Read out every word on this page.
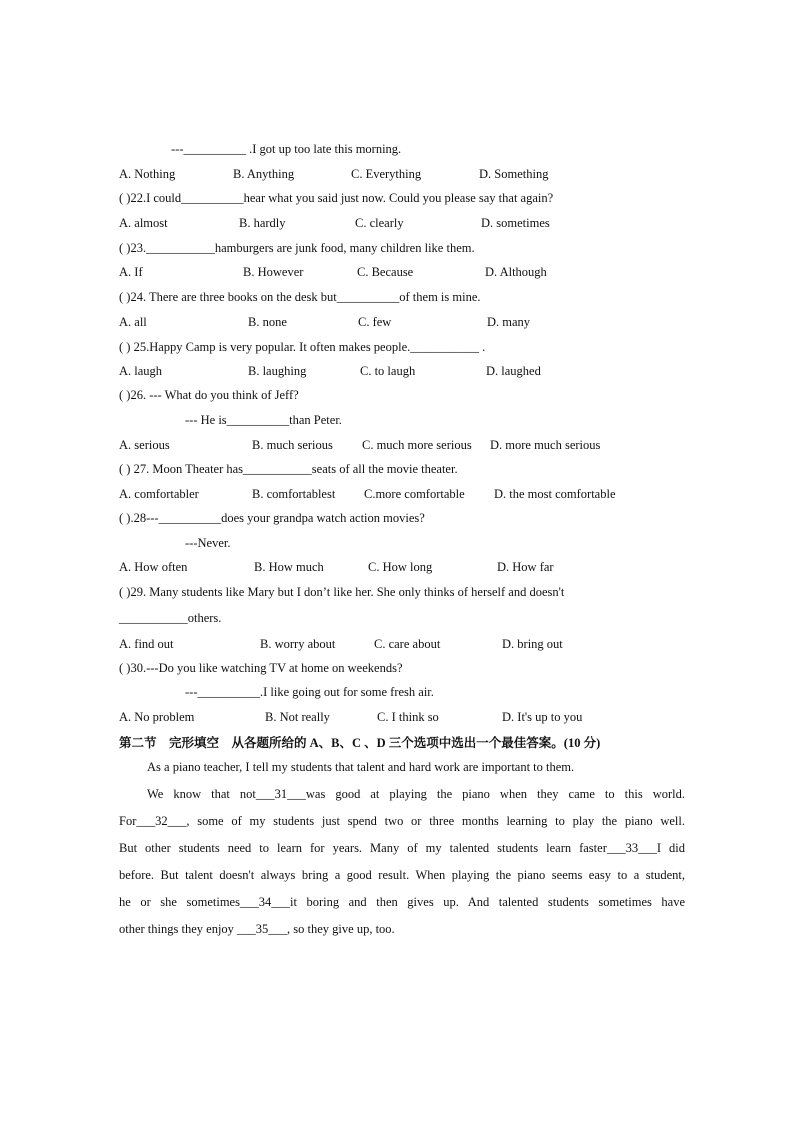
---__________ .I got up too late this morning.
A. Nothing	B. Anything	C. Everything	D. Something
( )22.I could__________hear what you said just now. Could you please say that again?
A. almost	B. hardly	C. clearly	D. sometimes
( )23.___________hamburgers are junk food, many children like them.
A. If	B. However	C. Because	D. Although
( )24. There are three books on the desk but__________of them is mine.
A. all	B. none	C. few	D. many
( ) 25.Happy Camp is very popular. It often makes people.___________ .
A. laugh	B. laughing	C. to laugh	D. laughed
( )26. --- What do you think of Jeff?
--- He is__________than Peter.
A. serious	B. much serious C. much more serious D. more much serious
( ) 27. Moon Theater has___________seats of all the movie theater.
A. comfortabler	B. comfortablest C.more comfortable D. the most comfortable
( ).28---__________does your grandpa watch action movies?
---Never.
A. How often	B. How much	C. How long	D. How far
( )29. Many students like Mary but I don’t like her. She only thinks of herself and doesn't
___________others.
A. find out	B. worry about	C. care about	D. bring out
( )30.---Do you like watching TV at home on weekends?
---__________.I like going out for some fresh air.
A. No problem	B. Not really	C. I think so	D. It's up to you
第二节　完形填空　从各题所给的 A、B、C 、D 三个选项中选出一个最佳答案。(10 分)
As a piano teacher, I tell my students that talent and hard work are important to them.
We know that not___31___was good at playing the piano when they came to this world.
For___32___, some of my students just spend two or three months learning to play the piano well.
But other students need to learn for years. Many of my talented students learn faster___33___I did
before. But talent doesn't always bring a good result. When playing the piano seems easy to a student,
he or she sometimes___34___it boring and then gives up. And talented students sometimes have
other things they enjoy ___35___, so they give up, too.
